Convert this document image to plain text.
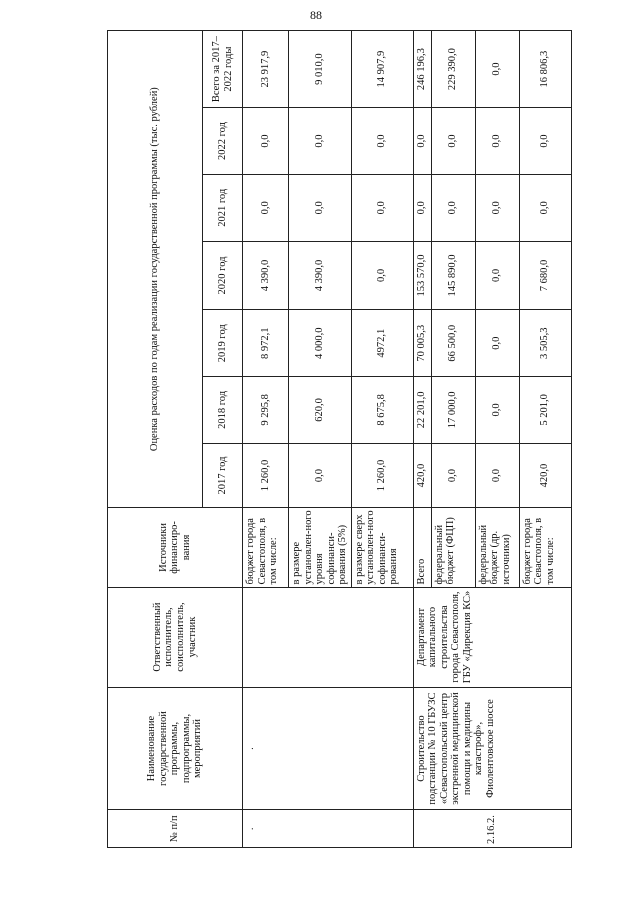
88
№ п/п	Наименование государственной программы, подпрограммы, мероприятий	Ответственный исполнитель, соисполнитель, участник	Источники финансиро-вания	Оценка расходов по годам реализации государственной программы (тыс. рублей)						
				2017 год	2018 год	2019 год	2020 год	2021 год	2022 год	Всего за 2017–2022 годы
.	.		бюджет города Севастополя, в том числе:	1 260,0	9 295,8	8 972,1	4 390,0	0,0	0,0	23 917,9
			в размере установлен-ного уровня софинанси-рования (5%)	0,0	620,0	4 000,0	4 390,0	0,0	0,0	9 010,0
			в размере сверх установлен-ного софинанси-рования	1 260,0	8 675,8	4972,1	0,0	0,0	0,0	14 907,9
2.16.2.	Строительство подстанции № 10 ГБУЗС «Севастопольский центр экстренной медицинской помощи и медицины катастроф», Фиолентовское шоссе	Департамент капитального строительства города Севастополя, ГБУ «Дирекция КС»	Всего	420,0	22 201,0	70 005,3	153 570,0	0,0	0,0	246 196,3
			федеральный бюджет (ФЦП)	0,0	17 000,0	66 500,0	145 890,0	0,0	0,0	229 390,0
			федеральный бюджет (др. источники)	0,0	0,0	0,0	0,0	0,0	0,0	0,0
			бюджет города Севастополя, в том числе:	420,0	5 201,0	3 505,3	7 680,0	0,0	0,0	16 806,3
